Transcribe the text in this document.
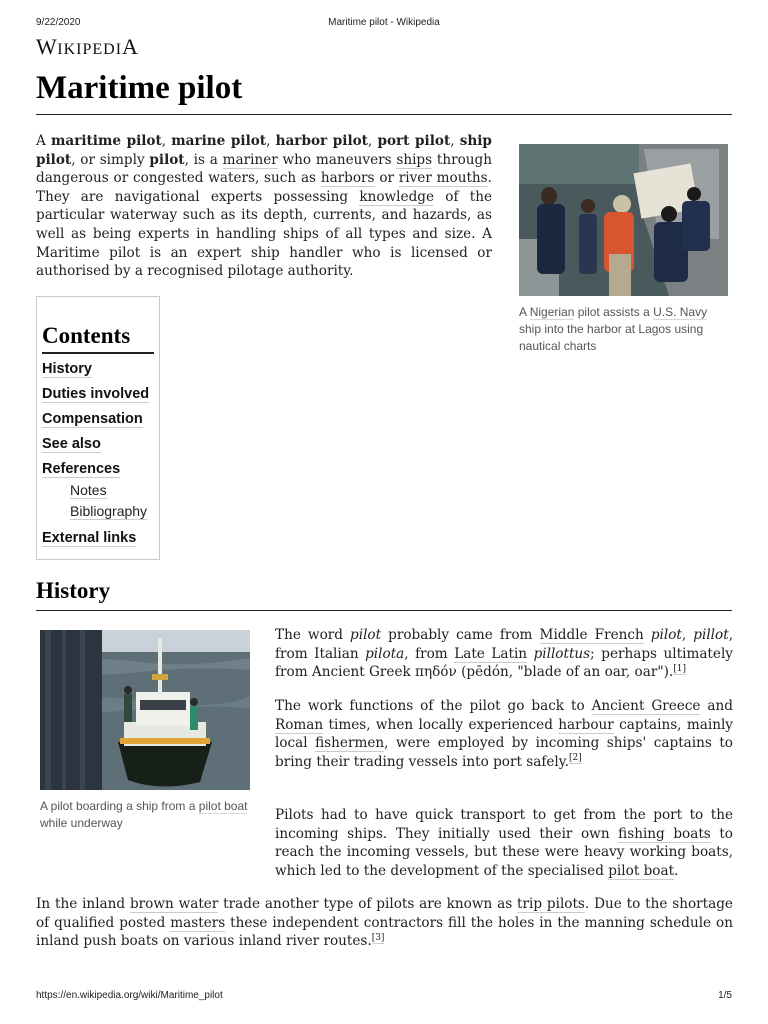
9/22/2020	Maritime pilot - Wikipedia
WIKIPEDIA
Maritime pilot

A maritime pilot, marine pilot, harbor pilot, port pilot, ship pilot, or simply pilot, is a mariner who maneuvers ships through dangerous or congested waters, such as harbors or river mouths. They are navigational experts possessing knowledge of the particular waterway such as its depth, currents, and hazards, as well as being experts in handling ships of all types and size. A Maritime pilot is an expert ship handler who is licensed or authorised by a recognised pilotage authority.

A Nigerian pilot assists a U.S. Navy ship into the harbor at Lagos using nautical charts
Contents
History
Duties involved
Compensation
See also
References
Notes
Bibliography
External links
History
A pilot boarding a ship from a pilot boat while underway

The word pilot probably came from Middle French pilot, pillot, from Italian pilota, from Late Latin pillottus; perhaps ultimately from Ancient Greek πηδόν (pēdón, "blade of an oar, oar").[1]

The work functions of the pilot go back to Ancient Greece and Roman times, when locally experienced harbour captains, mainly local fishermen, were employed by incoming ships' captains to bring their trading vessels into port safely.[2]

Pilots had to have quick transport to get from the port to the incoming ships. They initially used their own fishing boats to reach the incoming vessels, but these were heavy working boats, which led to the development of the specialised pilot boat.

In the inland brown water trade another type of pilots are known as trip pilots. Due to the shortage of qualified posted masters these independent contractors fill the holes in the manning schedule on inland push boats on various inland river routes.[3]

https://en.wikipedia.org/wiki/Maritime_pilot	1/5
